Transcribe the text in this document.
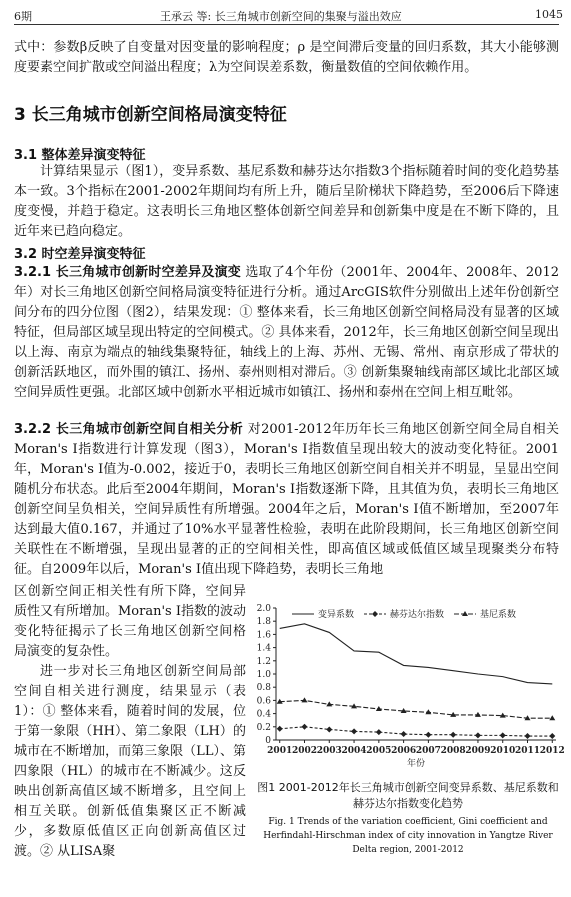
6期	王承云 等: 长三角城市创新空间的集聚与溢出效应	1045
式中：参数β反映了自变量对因变量的影响程度；ρ 是空间滞后变量的回归系数，其大小能够测度要素空间扩散或空间溢出程度；λ为空间误差系数，衡量数值的空间依赖作用。
3 长三角城市创新空间格局演变特征
3.1 整体差异演变特征
计算结果显示（图1），变异系数、基尼系数和赫芬达尔指数3个指标随着时间的变化趋势基本一致。3个指标在2001-2002年期间均有所上升，随后呈阶梯状下降趋势，至2006后下降速度变慢，并趋于稳定。这表明长三角地区整体创新空间差异和创新集中度是在不断下降的，且近年来已趋向稳定。
3.2 时空差异演变特征
3.2.1 长三角城市创新时空差异及演变 选取了4个年份（2001年、2004年、2008年、2012年）对长三角地区创新空间格局演变特征进行分析。通过ArcGIS软件分别做出上述年份创新空间分布的四分位图（图2），结果发现：① 整体来看，长三角地区创新空间格局没有显著的区域特征，但局部区域呈现出特定的空间模式。② 具体来看，2012年，长三角地区创新空间呈现出以上海、南京为端点的轴线集聚特征，轴线上的上海、苏州、无锡、常州、南京形成了带状的创新活跃地区，而外围的镇江、扬州、泰州则相对滞后。③ 创新集聚轴线南部区域比北部区域空间异质性更强。北部区域中创新水平相近城市如镇江、扬州和泰州在空间上相互毗邻。
3.2.2 长三角城市创新空间自相关分析 对2001-2012年历年长三角地区创新空间全局自相关Moran's I指数进行计算发现（图3），Moran's I指数值呈现出较大的波动变化特征。2001年，Moran's I值为-0.002，接近于0，表明长三角地区创新空间自相关并不明显，呈显出空间随机分布状态。此后至2004年期间，Moran's I指数逐渐下降，且其值为负，表明长三角地区创新空间呈负相关，空间异质性有所增强。2004年之后，Moran's I值不断增加，至2007年达到最大值0.167，并通过了10%水平显著性检验，表明在此阶段期间，长三角地区创新空间关联性在不断增强，呈现出显著的正的空间相关性，即高值区域或低值区域呈现聚类分布特征。自2009年以后，Moran's I值出现下降趋势，表明长三角地
区创新空间正相关性有所下降，空间异质性又有所增加。Moran's I指数的波动变化特征揭示了长三角地区创新空间格局演变的复杂性。
进一步对长三角地区创新空间局部空间自相关进行测度，结果显示（表1）：① 整体来看，随着时间的发展，位于第一象限（HH）、第二象限（LH）的城市在不断增加，而第三象限（LL）、第四象限（HL）的城市在不断减少。这反映出创新高值区域不断增多，且空间上相互关联。创新低值集聚区正不断减少，多数原低值区正向创新高值区过渡。② 从LISA聚
0
0.2
0.4
0.6
0.8
1.0
1.2
1.4
1.6
1.8
2.0
2001 2002 2003 2004 2005 2006 2007 2008 2009 2010 2011 2012
年份
变异系数	赫芬达尔指数	基尼系数
图1 2001-2012年长三角城市创新空间变异系数、基尼系数和赫芬达尔指数变化趋势
Fig. 1 Trends of the variation coefficient, Gini coefficient and Herfindahl-Hirschman index of city innovation in Yangtze River Delta region, 2001-2012
